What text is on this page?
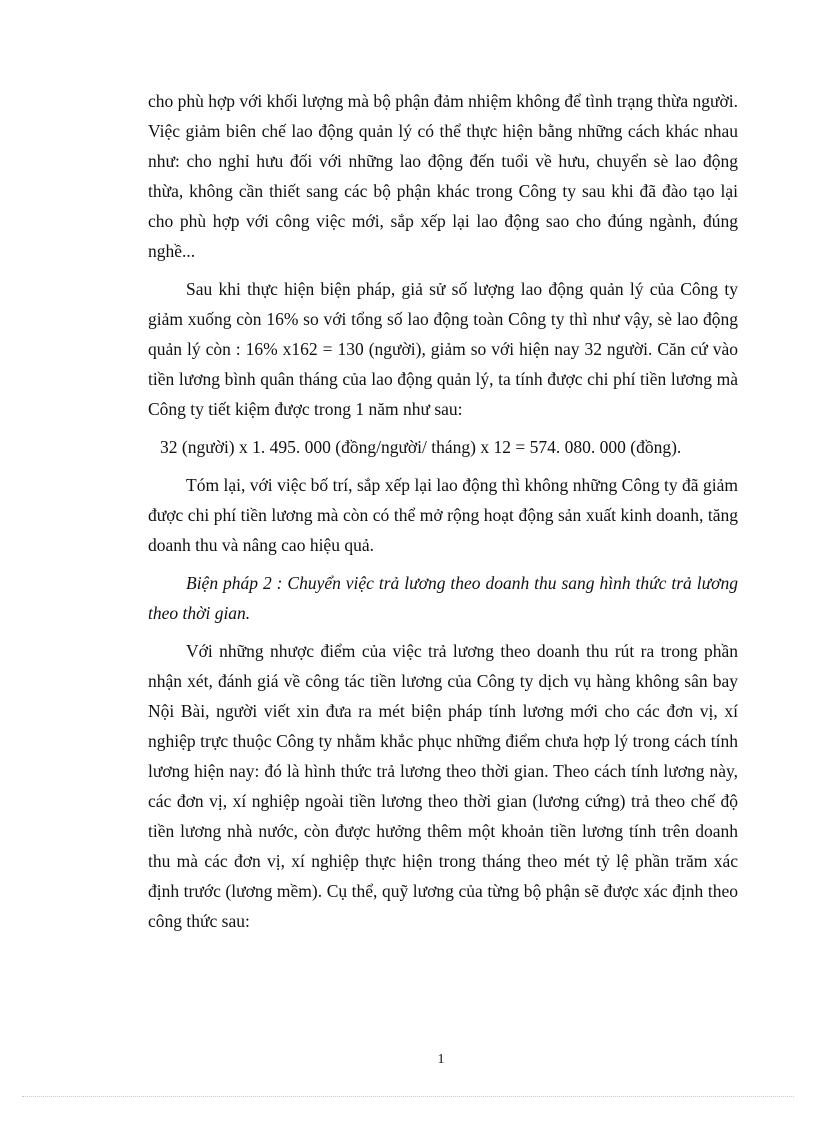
cho phù hợp với khối lượng mà bộ phận đảm nhiệm không để tình trạng thừa người. Việc giảm biên chế lao động quản lý có thể thực hiện bằng những cách khác nhau như: cho nghỉ hưu đối với những lao động đến tuổi về hưu, chuyển sè lao động thừa, không cần thiết sang các bộ phận khác trong Công ty sau khi đã đào tạo lại cho phù hợp với công việc mới, sắp xếp lại lao động sao cho đúng ngành, đúng nghề...

Sau khi thực hiện biện pháp, giả sử số lượng lao động quản lý của Công ty giảm xuống còn 16% so với tổng số lao động toàn Công ty thì như vậy, sè lao động quản lý còn : 16% x162 = 130 (người), giảm so với hiện nay 32 người. Căn cứ vào tiền lương bình quân tháng của lao động quản lý, ta tính được chi phí tiền lương mà Công ty tiết kiệm được trong 1 năm như sau:

32 (người) x 1. 495. 000 (đồng/người/ tháng) x 12 = 574. 080. 000 (đồng).

Tóm lại, với việc bố trí, sắp xếp lại lao động thì không những Công ty đã giảm được chi phí tiền lương mà còn có thể mở rộng hoạt động sản xuất kinh doanh, tăng doanh thu và nâng cao hiệu quả.

Biện pháp 2 : Chuyển việc trả lương theo doanh thu sang hình thức trả lương theo thời gian.

Với những nhược điểm của việc trả lương theo doanh thu rút ra trong phần nhận xét, đánh giá về công tác tiền lương của Công ty dịch vụ hàng không sân bay Nội Bài, người viết xin đưa ra mét biện pháp tính lương mới cho các đơn vị, xí nghiệp trực thuộc Công ty nhằm khắc phục những điểm chưa hợp lý trong cách tính lương hiện nay: đó là hình thức trả lương theo thời gian. Theo cách tính lương này, các đơn vị, xí nghiệp ngoài tiền lương theo thời gian (lương cứng) trả theo chế độ tiền lương nhà nước, còn được hưởng thêm một khoản tiền lương tính trên doanh thu mà các đơn vị, xí nghiệp thực hiện trong tháng theo mét tỷ lệ phần trăm xác định trước (lương mềm). Cụ thể, quỹ lương của từng bộ phận sẽ được xác định theo công thức sau:

1
